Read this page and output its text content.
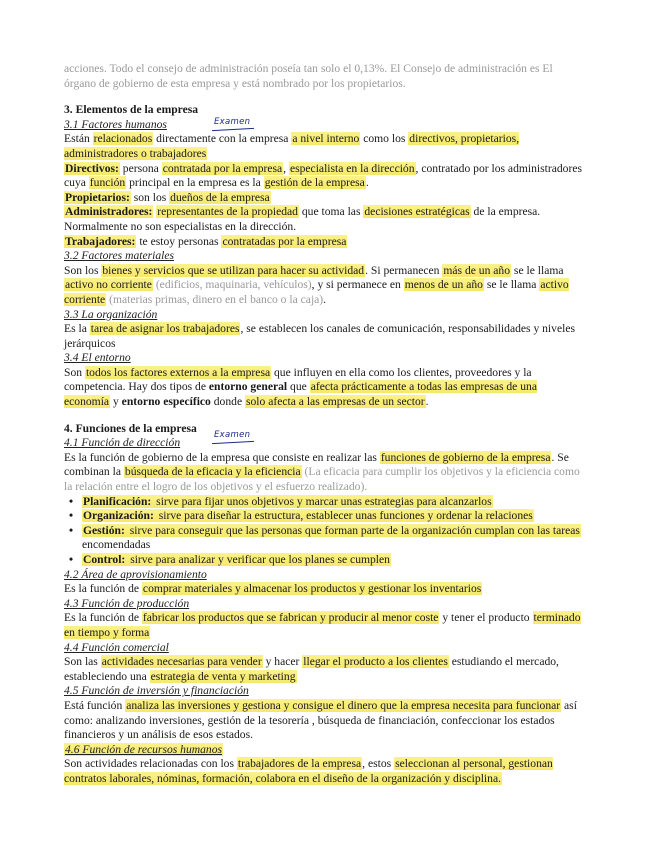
acciones. Todo el consejo de administración poseía tan solo el 0,13%. El Consejo de administración es El órgano de gobierno de esta empresa y está nombrado por los propietarios.

3. Elementos de la empresa

3.1 Factores humanos

Están relacionados directamente con la empresa a nivel interno como los directivos, propietarios, administradores o trabajadores

Directivos: persona contratada por la empresa, especialista en la dirección, contratado por los administradores cuya función principal en la empresa es la gestión de la empresa.

Propietarios: son los dueños de la empresa

Administradores: representantes de la propiedad que toma las decisiones estratégicas de la empresa. Normalmente no son especialistas en la dirección.

Trabajadores: te estoy personas contratadas por la empresa

3.2 Factores materiales

Son los bienes y servicios que se utilizan para hacer su actividad. Si permanecen más de un año se le llama activo no corriente (edificios, maquinaria, vehículos), y si permanece en menos de un año se le llama activo corriente (materias primas, dinero en el banco o la caja).

3.3 La organización

Es la tarea de asignar los trabajadores, se establecen los canales de comunicación, responsabilidades y niveles jerárquicos

3.4 El entorno

Son todos los factores externos a la empresa que influyen en ella como los clientes, proveedores y la competencia. Hay dos tipos de entorno general que afecta prácticamente a todas las empresas de una economía y entorno específico donde solo afecta a las empresas de un sector.

4. Funciones de la empresa

4.1 Función de dirección

Es la función de gobierno de la empresa que consiste en realizar las funciones de gobierno de la empresa. Se combinan la búsqueda de la eficacia y la eficiencia (La eficacia para cumplir los objetivos y la eficiencia como la relación entre el logro de los objetivos y el esfuerzo realizado).

• Planificación: sirve para fijar unos objetivos y marcar unas estrategias para alcanzarlos
• Organización: sirve para diseñar la estructura, establecer unas funciones y ordenar la relaciones
• Gestión: sirve para conseguir que las personas que forman parte de la organización cumplan con las tareas encomendadas
• Control: sirve para analizar y verificar que los planes se cumplen

4.2 Área de aprovisionamiento

Es la función de comprar materiales y almacenar los productos y gestionar los inventarios

4.3 Función de producción

Es la función de fabricar los productos que se fabrican y producir al menor coste y tener el producto terminado en tiempo y forma

4.4 Función comercial

Son las actividades necesarias para vender y hacer llegar el producto a los clientes estudiando el mercado, estableciendo una estrategia de venta y marketing

4.5 Función de inversión y financiación

Está función analiza las inversiones y gestiona y consigue el dinero que la empresa necesita para funcionar así como: analizando inversiones, gestión de la tesorería , búsqueda de financiación, confeccionar los estados financieros y un análisis de esos estados.

4.6 Función de recursos humanos

Son actividades relacionadas con los trabajadores de la empresa, estos seleccionan al personal, gestionan contratos laborales, nóminas, formación, colabora en el diseño de la organización y disciplina.

Examen
Examen
